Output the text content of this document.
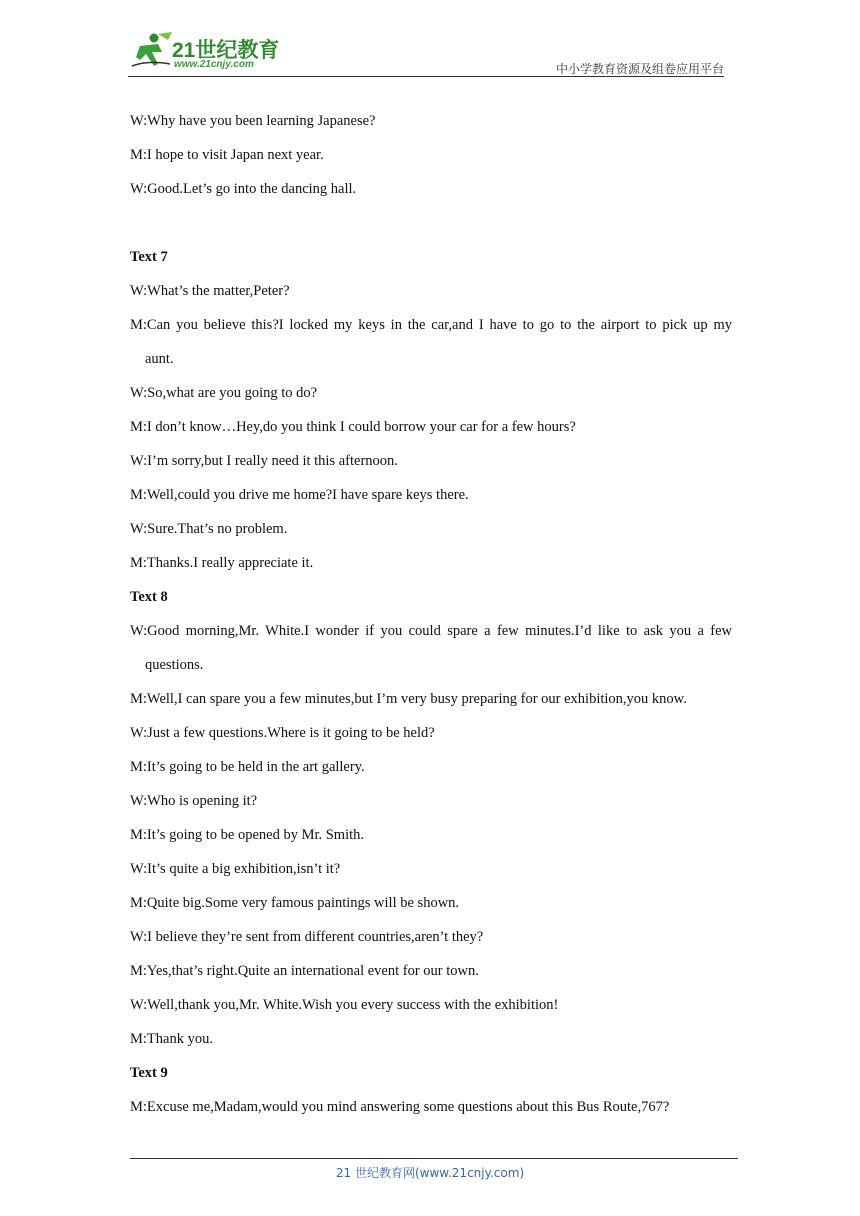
21世纪教育
www.21cnjy.com	中小学教育资源及组卷应用平台
W:Why have you been learning Japanese?
M:I hope to visit Japan next year.
W:Good.Let’s go into the dancing hall.
Text 7
W:What’s the matter,Peter?
M:Can you believe this?I locked my keys in the car,and I have to go to the airport to pick up my
aunt.
W:So,what are you going to do?
M:I don’t know…Hey,do you think I could borrow your car for a few hours?
W:I’m sorry,but I really need it this afternoon.
M:Well,could you drive me home?I have spare keys there.
W:Sure.That’s no problem.
M:Thanks.I really appreciate it.
Text 8
W:Good morning,Mr. White.I wonder if you could spare a few minutes.I’d like to ask you a few
questions.
M:Well,I can spare you a few minutes,but I’m very busy preparing for our exhibition,you know.
W:Just a few questions.Where is it going to be held?
M:It’s going to be held in the art gallery.
W:Who is opening it?
M:It’s going to be opened by Mr. Smith.
W:It’s quite a big exhibition,isn’t it?
M:Quite big.Some very famous paintings will be shown.
W:I believe they’re sent from different countries,aren’t they?
M:Yes,that’s right.Quite an international event for our town.
W:Well,thank you,Mr. White.Wish you every success with the exhibition!
M:Thank you.
Text 9
M:Excuse me,Madam,would you mind answering some questions about this Bus Route,767?
21 世纪教育网(www.21cnjy.com)
